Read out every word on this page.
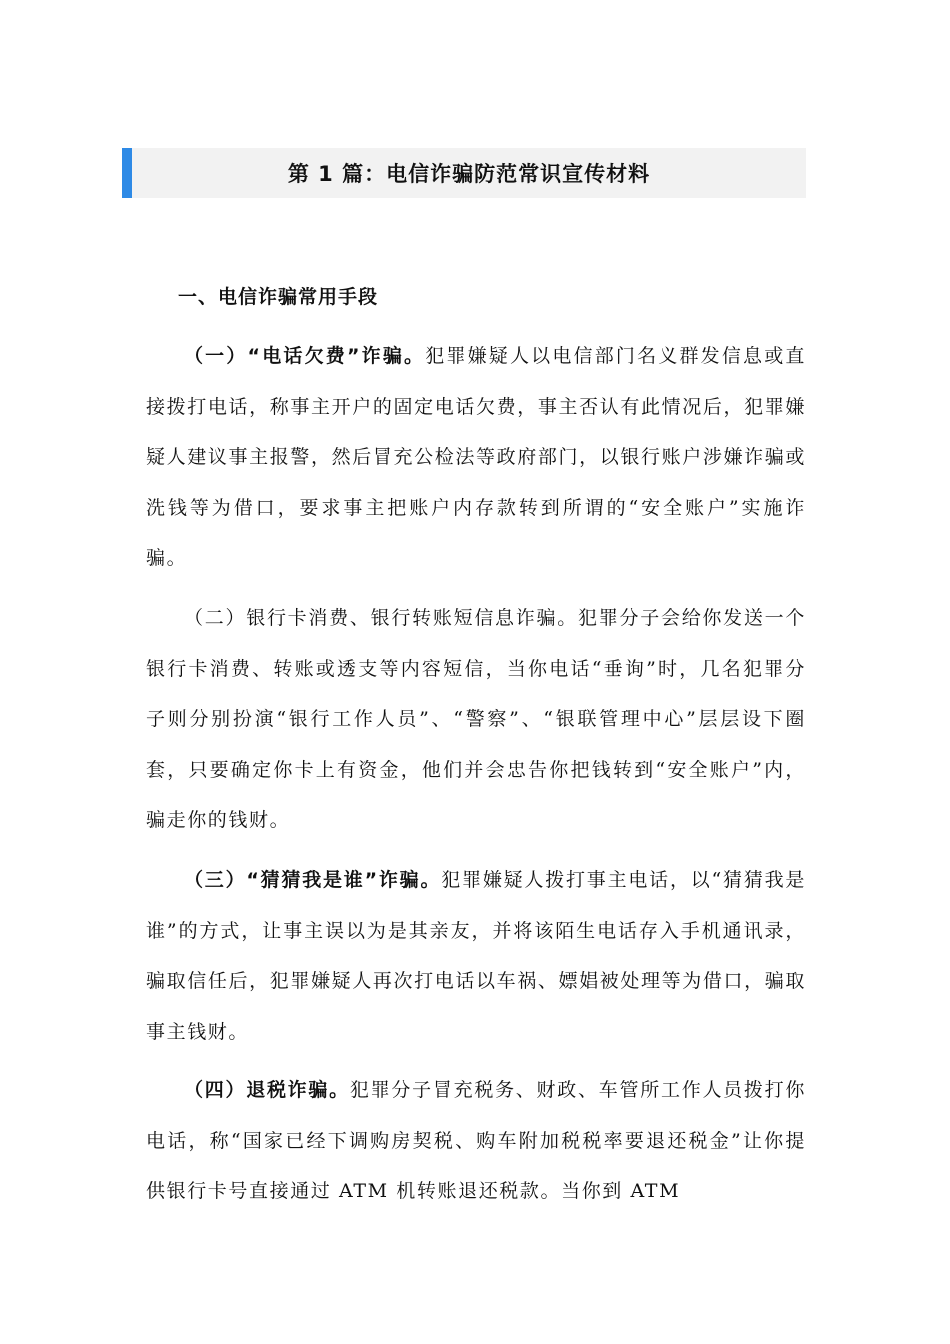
第 1 篇：电信诈骗防范常识宣传材料
一、电信诈骗常用手段

（一）“电话欠费”诈骗。犯罪嫌疑人以电信部门名义群发信息或直接拨打电话，称事主开户的固定电话欠费，事主否认有此情况后，犯罪嫌疑人建议事主报警，然后冒充公检法等政府部门，以银行账户涉嫌诈骗或洗钱等为借口，要求事主把账户内存款转到所谓的“安全账户”实施诈骗。

（二）银行卡消费、银行转账短信息诈骗。犯罪分子会给你发送一个银行卡消费、转账或透支等内容短信，当你电话“垂询”时，几名犯罪分子则分别扮演“银行工作人员”、“警察”、“银联管理中心”层层设下圈套，只要确定你卡上有资金，他们并会忠告你把钱转到“安全账户”内，骗走你的钱财。

（三）“猜猜我是谁”诈骗。犯罪嫌疑人拨打事主电话，以“猜猜我是谁”的方式，让事主误以为是其亲友，并将该陌生电话存入手机通讯录，骗取信任后，犯罪嫌疑人再次打电话以车祸、嫖娼被处理等为借口，骗取事主钱财。

（四）退税诈骗。犯罪分子冒充税务、财政、车管所工作人员拨打你电话，称“国家已经下调购房契税、购车附加税税率要退还税金”让你提供银行卡号直接通过 ATM 机转账退还税款。当你到 ATM
